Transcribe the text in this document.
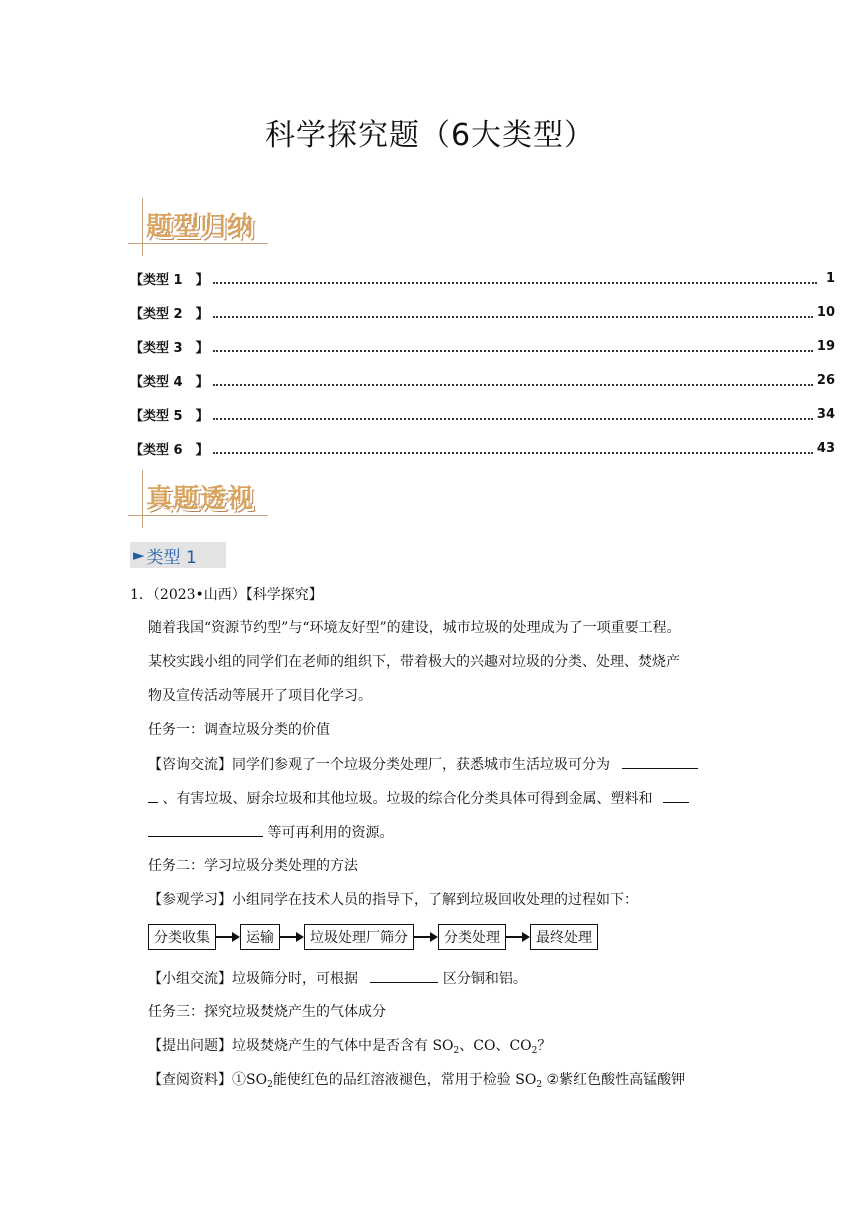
科学探究题（6大类型）
题型归纳
【类型 1　】	1
【类型 2　】	10
【类型 3　】	19
【类型 4　】	26
【类型 5　】	34
【类型 6　】	43
真题透视
► 类型 1
1．（2023•山西）【科学探究】
随着我国“资源节约型”与“环境友好型”的建设，城市垃圾的处理成为了一项重要工程。
某校实践小组的同学们在老师的组织下，带着极大的兴趣对垃圾的分类、处理、焚烧产
物及宣传活动等展开了项目化学习。
任务一：调查垃圾分类的价值
【咨询交流】同学们参观了一个垃圾分类处理厂，获悉城市生活垃圾可分为
、有害垃圾、厨余垃圾和其他垃圾。垃圾的综合化分类具体可得到金属、塑料和
等可再利用的资源。
任务二：学习垃圾分类处理的方法
【参观学习】小组同学在技术人员的指导下，了解到垃圾回收处理的过程如下：
分类收集	运输	垃圾处理厂筛分	分类处理	最终处理
【小组交流】垃圾筛分时，可根据	区分铜和铝。
任务三：探究垃圾焚烧产生的气体成分
【提出问题】垃圾焚烧产生的气体中是否含有 $SO_2$、CO、$CO_2$？
【查阅资料】$①SO_2$能使红色的品红溶液褪色，常用于检验 $SO_2$ ②紫红色酸性高锰酸钾
